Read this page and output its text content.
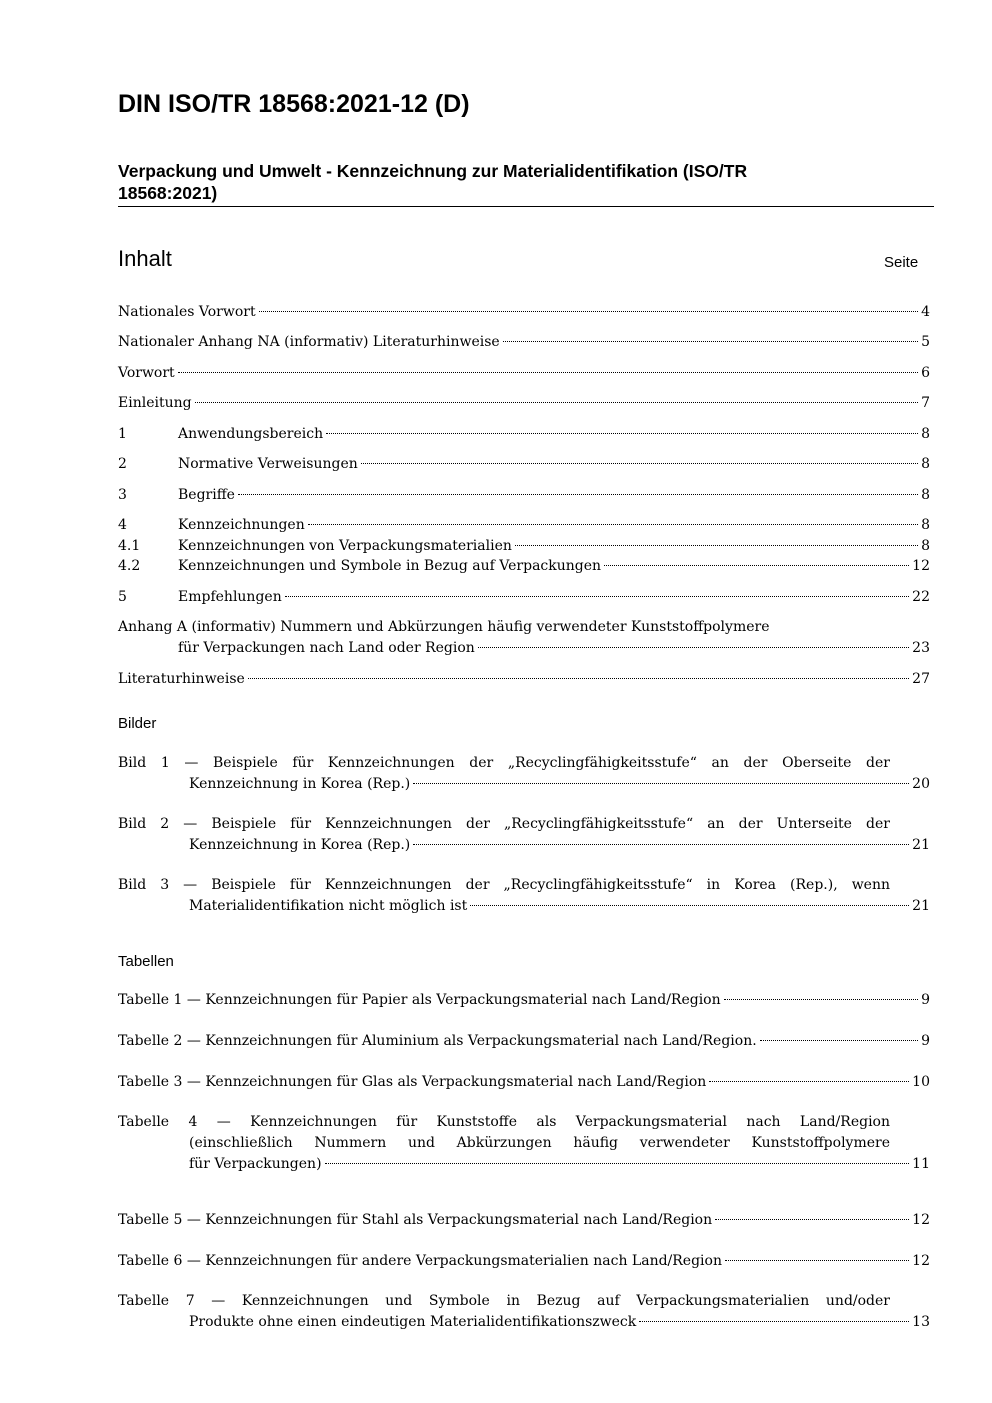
DIN ISO/TR 18568:2021-12 (D)
Verpackung und Umwelt - Kennzeichnung zur Materialidentifikation (ISO/TR
18568:2021)
Inhalt	Seite
Nationales Vorwort	4
Nationaler Anhang NA (informativ) Literaturhinweise	5
Vorwort	6
Einleitung	7
1	Anwendungsbereich	8
2	Normative Verweisungen	8
3	Begriffe	8
4	Kennzeichnungen	8
4.1	Kennzeichnungen von Verpackungsmaterialien	8
4.2	Kennzeichnungen und Symbole in Bezug auf Verpackungen	12
5	Empfehlungen	22
Anhang A (informativ) Nummern und Abkürzungen häufig verwendeter Kunststoffpolymere
für Verpackungen nach Land oder Region	23
Literaturhinweise	27
Bilder
Bild 1 — Beispiele für Kennzeichnungen der „Recyclingfähigkeitsstufe“ an der Oberseite der
Kennzeichnung in Korea (Rep.)	20
Bild 2 — Beispiele für Kennzeichnungen der „Recyclingfähigkeitsstufe“ an der Unterseite der
Kennzeichnung in Korea (Rep.)	21
Bild 3 — Beispiele für Kennzeichnungen der „Recyclingfähigkeitsstufe“ in Korea (Rep.), wenn
Materialidentifikation nicht möglich ist	21
Tabellen
Tabelle 1 — Kennzeichnungen für Papier als Verpackungsmaterial nach Land/Region	9
Tabelle 2 — Kennzeichnungen für Aluminium als Verpackungsmaterial nach Land/Region.	9
Tabelle 3 — Kennzeichnungen für Glas als Verpackungsmaterial nach Land/Region	10
Tabelle 4 — Kennzeichnungen für Kunststoffe als Verpackungsmaterial nach Land/Region
(einschließlich Nummern und Abkürzungen häufig verwendeter Kunststoffpolymere
für Verpackungen)	11
Tabelle 5 — Kennzeichnungen für Stahl als Verpackungsmaterial nach Land/Region	12
Tabelle 6 — Kennzeichnungen für andere Verpackungsmaterialien nach Land/Region	12
Tabelle 7 — Kennzeichnungen und Symbole in Bezug auf Verpackungsmaterialien und/oder
Produkte ohne einen eindeutigen Materialidentifikationszweck	13
